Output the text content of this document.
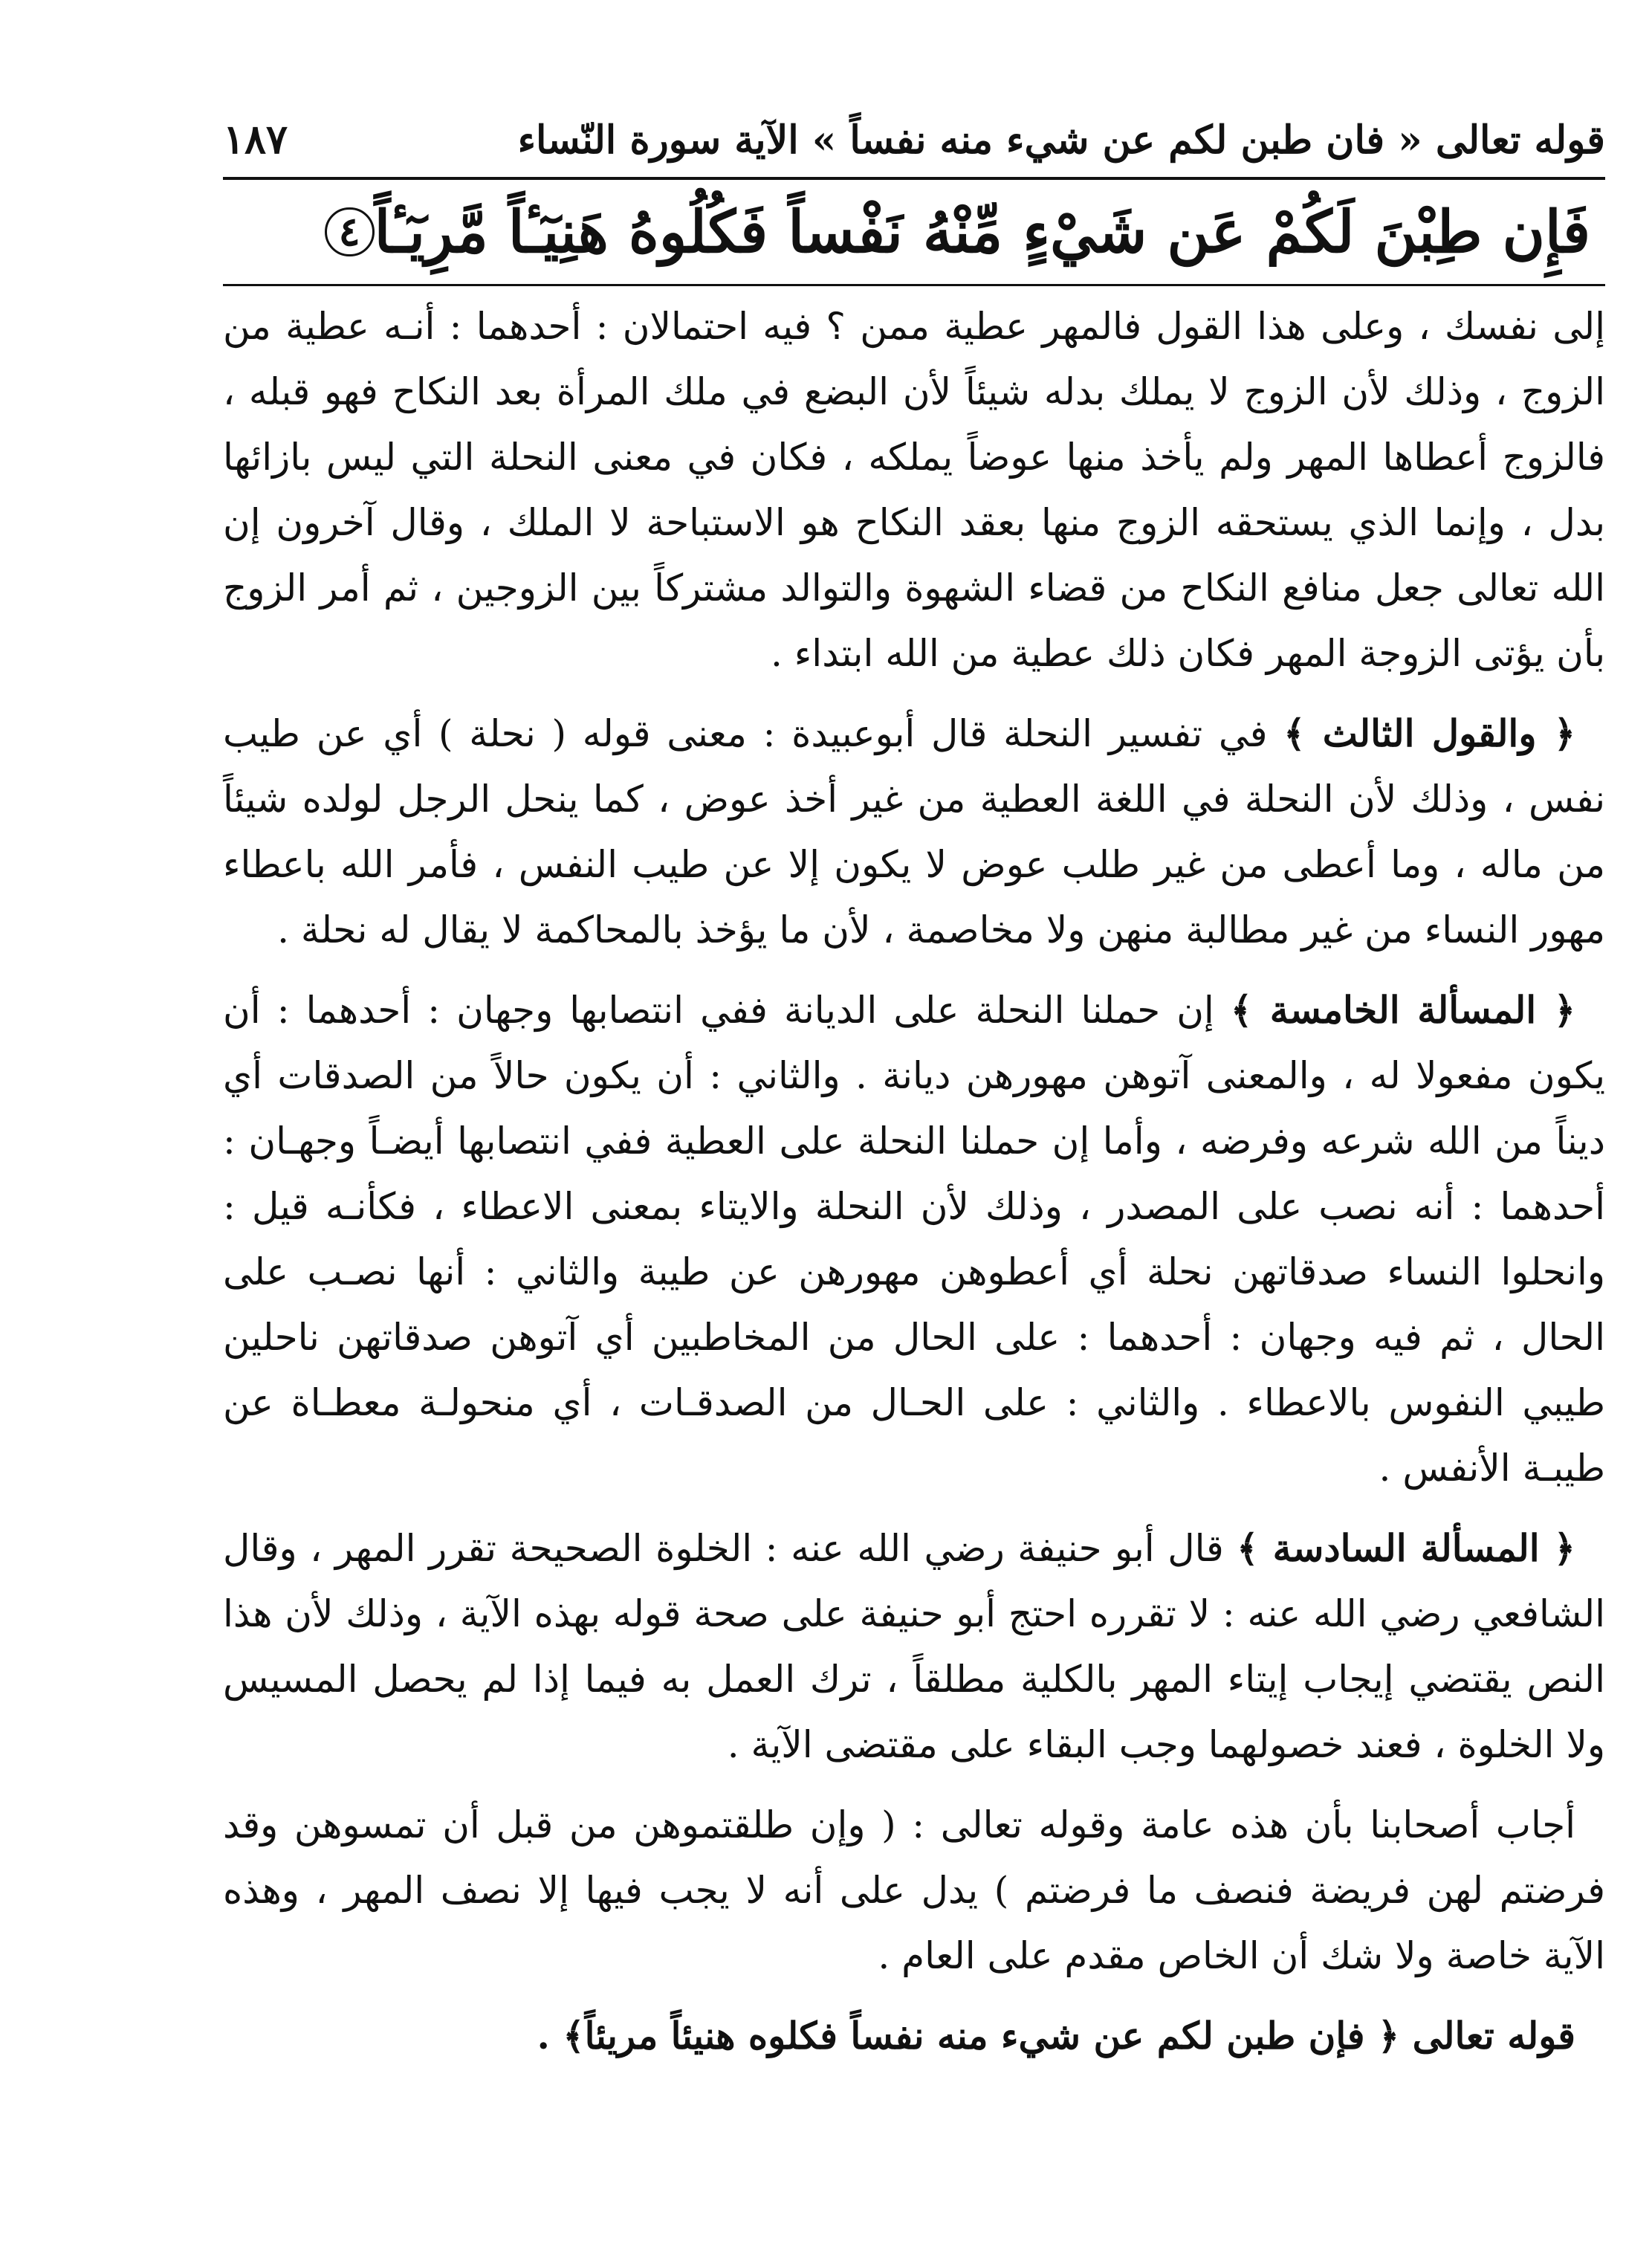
قوله تعالى « فان طبن لكم عن شيء منه نفساً » الآية سورة النّساء
١٨٧
فَإِن طِبْنَ لَكُمْ عَن شَيْءٍ مِّنْهُ نَفْساً فَكُلُوهُ هَنِيٓـٔاً مَّرِيٓـٔاً
٤

إلى نفسك ، وعلى هذا القول فالمهر عطية ممن ؟ فيه احتمالان : أحدهما : أنـه عطية من الزوج ، وذلك لأن الزوج لا يملك بدله شيئاً لأن البضع في ملك المرأة بعد النكاح فهو قبله ، فالزوج أعطاها المهر ولم يأخذ منها عوضاً يملكه ، فكان في معنى النحلة التي ليس بازائها بدل ، وإنما الذي يستحقه الزوج منها بعقد النكاح هو الاستباحة لا الملك ، وقال آخرون إن الله تعالى جعل منافع النكاح من قضاء الشهوة والتوالد مشتركاً بين الزوجين ، ثم أمر الزوج بأن يؤتى الزوجة المهر فكان ذلك عطية من الله ابتداء .

﴿ والقول الثالث ﴾ في تفسير النحلة قال أبوعبيدة : معنى قوله ( نحلة ) أي عن طيب نفس ، وذلك لأن النحلة في اللغة العطية من غير أخذ عوض ، كما ينحل الرجل لولده شيئاً من ماله ، وما أعطى من غير طلب عوض لا يكون إلا عن طيب النفس ، فأمر الله باعطاء مهور النساء من غير مطالبة منهن ولا مخاصمة ، لأن ما يؤخذ بالمحاكمة لا يقال له نحلة .

﴿ المسألة الخامسة ﴾ إن حملنا النحلة على الديانة ففي انتصابها وجهان : أحدهما : أن يكون مفعولا له ، والمعنى آتوهن مهورهن ديانة . والثاني : أن يكون حالاً من الصدقات أي ديناً من الله شرعه وفرضه ، وأما إن حملنا النحلة على العطية ففي انتصابها أيضـاً وجهـان : أحدهما : أنه نصب على المصدر ، وذلك لأن النحلة والايتاء بمعنى الاعطاء ، فكأنـه قيل : وانحلوا النساء صدقاتهن نحلة أي أعطوهن مهورهن عن طيبة والثاني : أنها نصـب على الحال ، ثم فيه وجهان : أحدهما : على الحال من المخاطبين أي آتوهن صدقاتهن ناحلين طيبي النفوس بالاعطاء . والثاني : على الحـال من الصدقـات ، أي منحولـة معطـاة عن طيبـة الأنفس .

﴿ المسألة السادسة ﴾ قال أبو حنيفة رضي الله عنه : الخلوة الصحيحة تقرر المهر ، وقال الشافعي رضي الله عنه : لا تقرره احتج أبو حنيفة على صحة قوله بهذه الآية ، وذلك لأن هذا النص يقتضي إيجاب إيتاء المهر بالكلية مطلقاً ، ترك العمل به فيما إذا لم يحصل المسيس ولا الخلوة ، فعند خصولهما وجب البقاء على مقتضى الآية .

أجاب أصحابنا بأن هذه عامة وقوله تعالى : ( وإن طلقتموهن من قبل أن تمسوهن وقد فرضتم لهن فريضة فنصف ما فرضتم ) يدل على أنه لا يجب فيها إلا نصف المهر ، وهذه الآية خاصة ولا شك أن الخاص مقدم على العام .

قوله تعالى ﴿ فإن طبن لكم عن شيء منه نفساً فكلوه هنيئاً مريئاً﴾ .
